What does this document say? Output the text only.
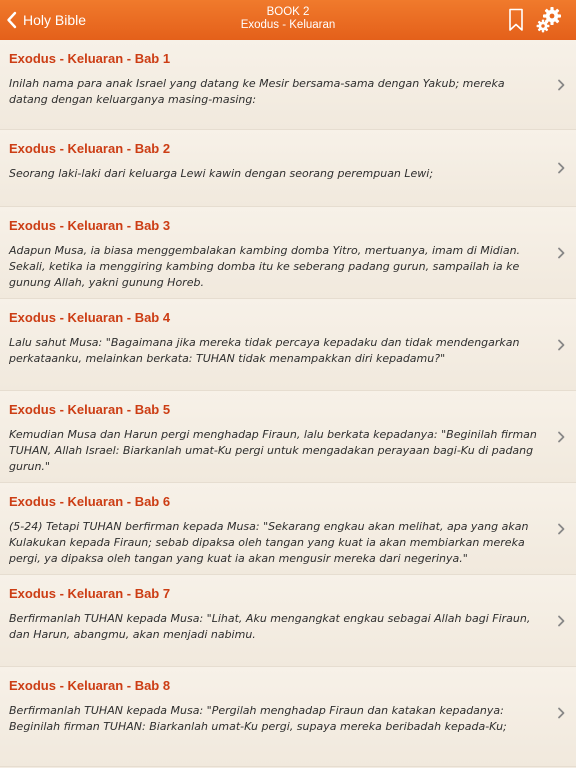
Holy Bible	BOOK 2
Exodus - Keluaran
Exodus - Keluaran - Bab 1
Inilah nama para anak Israel yang datang ke Mesir bersama-sama dengan Yakub; mereka datang dengan keluarganya masing-masing:
Exodus - Keluaran - Bab 2
Seorang laki-laki dari keluarga Lewi kawin dengan seorang perempuan Lewi;
Exodus - Keluaran - Bab 3
Adapun Musa, ia biasa menggembalakan kambing domba Yitro, mertuanya, imam di Midian. Sekali, ketika ia menggiring kambing domba itu ke seberang padang gurun, sampailah ia ke gunung Allah, yakni gunung Horeb.
Exodus - Keluaran - Bab 4
Lalu sahut Musa: "Bagaimana jika mereka tidak percaya kepadaku dan tidak mendengarkan perkataanku, melainkan berkata: TUHAN tidak menampakkan diri kepadamu?"
Exodus - Keluaran - Bab 5
Kemudian Musa dan Harun pergi menghadap Firaun, lalu berkata kepadanya: "Beginilah firman TUHAN, Allah Israel: Biarkanlah umat-Ku pergi untuk mengadakan perayaan bagi-Ku di padang gurun."
Exodus - Keluaran - Bab 6
(5-24) Tetapi TUHAN berfirman kepada Musa: "Sekarang engkau akan melihat, apa yang akan Kulakukan kepada Firaun; sebab dipaksa oleh tangan yang kuat ia akan membiarkan mereka pergi, ya dipaksa oleh tangan yang kuat ia akan mengusir mereka dari negerinya."
Exodus - Keluaran - Bab 7
Berfirmanlah TUHAN kepada Musa: "Lihat, Aku mengangkat engkau sebagai Allah bagi Firaun, dan Harun, abangmu, akan menjadi nabimu.
Exodus - Keluaran - Bab 8
Berfirmanlah TUHAN kepada Musa: "Pergilah menghadap Firaun dan katakan kepadanya: Beginilah firman TUHAN: Biarkanlah umat-Ku pergi, supaya mereka beribadah kepada-Ku;
